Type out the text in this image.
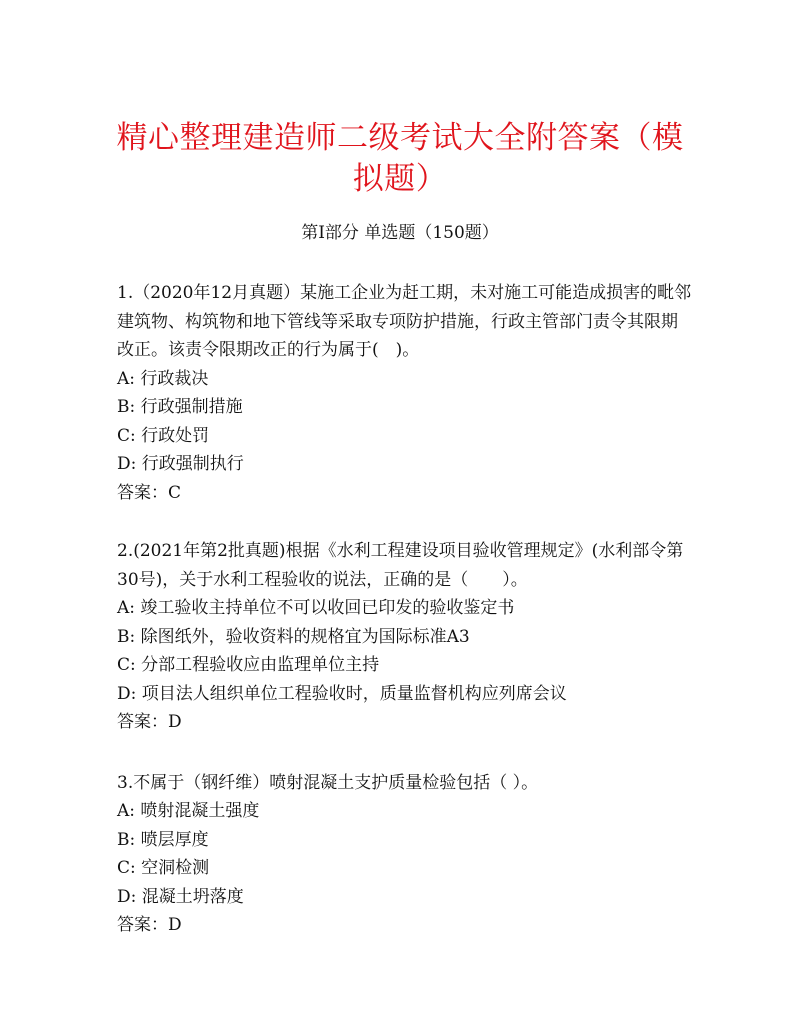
精心整理建造师二级考试大全附答案（模拟题）
第Ⅰ部分 单选题（150题）

1.（2020年12月真题）某施工企业为赶工期，未对施工可能造成损害的毗邻建筑物、构筑物和地下管线等采取专项防护措施，行政主管部门责令其限期改正。该责令限期改正的行为属于(　)。

A: 行政裁决

B: 行政强制措施

C: 行政处罚

D: 行政强制执行

答案：C

2.(2021年第2批真题)根据《水利工程建设项目验收管理规定》(水利部令第30号)，关于水利工程验收的说法，正确的是（　　）。

A: 竣工验收主持单位不可以收回已印发的验收鉴定书

B: 除图纸外，验收资料的规格宜为国际标准A3

C: 分部工程验收应由监理单位主持

D: 项目法人组织单位工程验收时，质量监督机构应列席会议

答案：D

3.不属于（钢纤维）喷射混凝土支护质量检验包括（ ）。

A: 喷射混凝土强度

B: 喷层厚度

C: 空洞检测

D: 混凝土坍落度

答案：D
